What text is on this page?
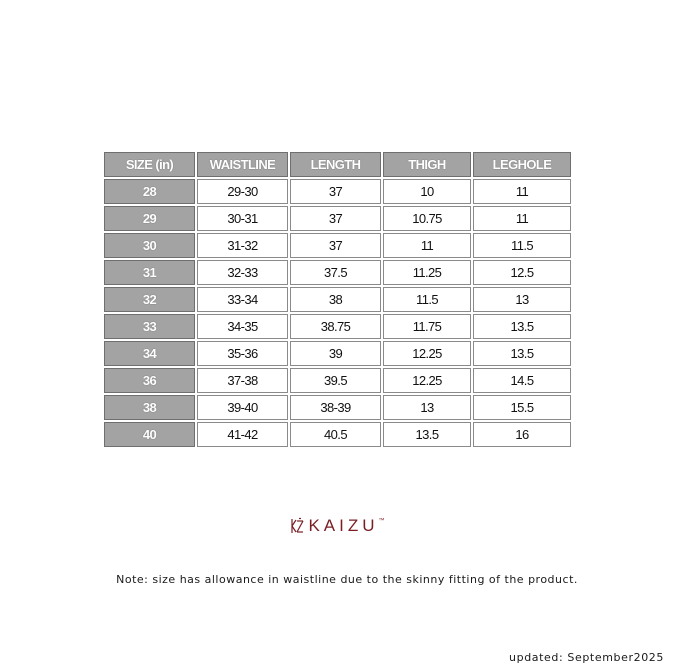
SIZE (in)	WAISTLINE	LENGTH	THIGH	LEGHOLE
28	29-30	37	10	11
29	30-31	37	10.75	11
30	31-32	37	11	11.5
31	32-33	37.5	11.25	12.5
32	33-34	38	11.5	13
33	34-35	38.75	11.75	13.5
34	35-36	39	12.25	13.5
36	37-38	39.5	12.25	14.5
38	39-40	38-39	13	15.5
40	41-42	40.5	13.5	16
KAIZU ™
Note: size has allowance in waistline due to the skinny fitting of the product.
updated: September2025
